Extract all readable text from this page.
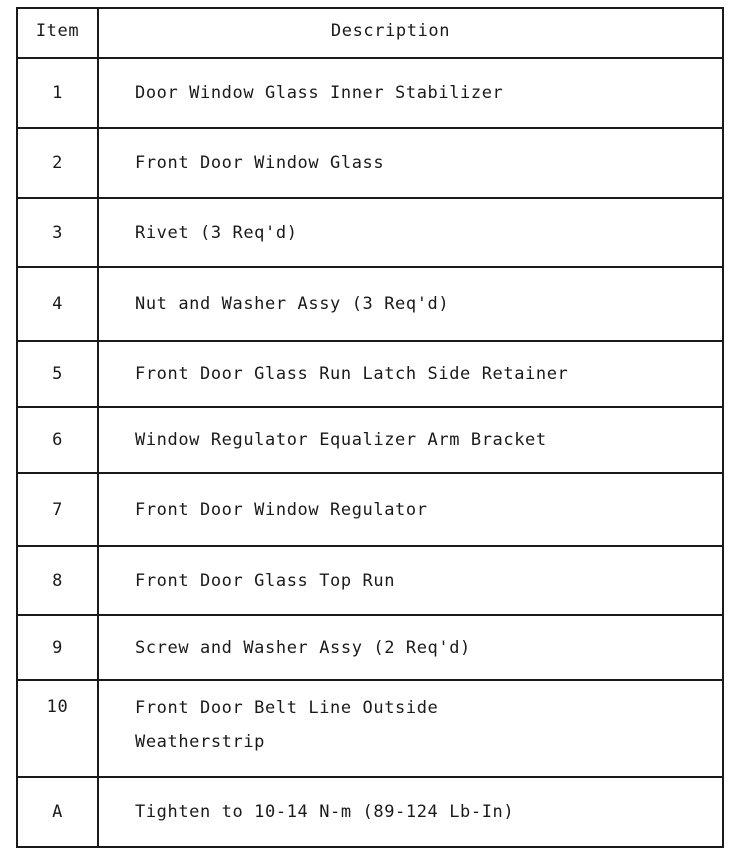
Item	Description
1	Door Window Glass Inner Stabilizer
2	Front Door Window Glass
3	Rivet (3 Req'd)
4	Nut and Washer Assy (3 Req'd)
5	Front Door Glass Run Latch Side Retainer
6	Window Regulator Equalizer Arm Bracket
7	Front Door Window Regulator
8	Front Door Glass Top Run
9	Screw and Washer Assy (2 Req'd)
10	Front Door Belt Line Outside
Weatherstrip

A	Tighten to 10-14 N-m (89-124 Lb-In)
